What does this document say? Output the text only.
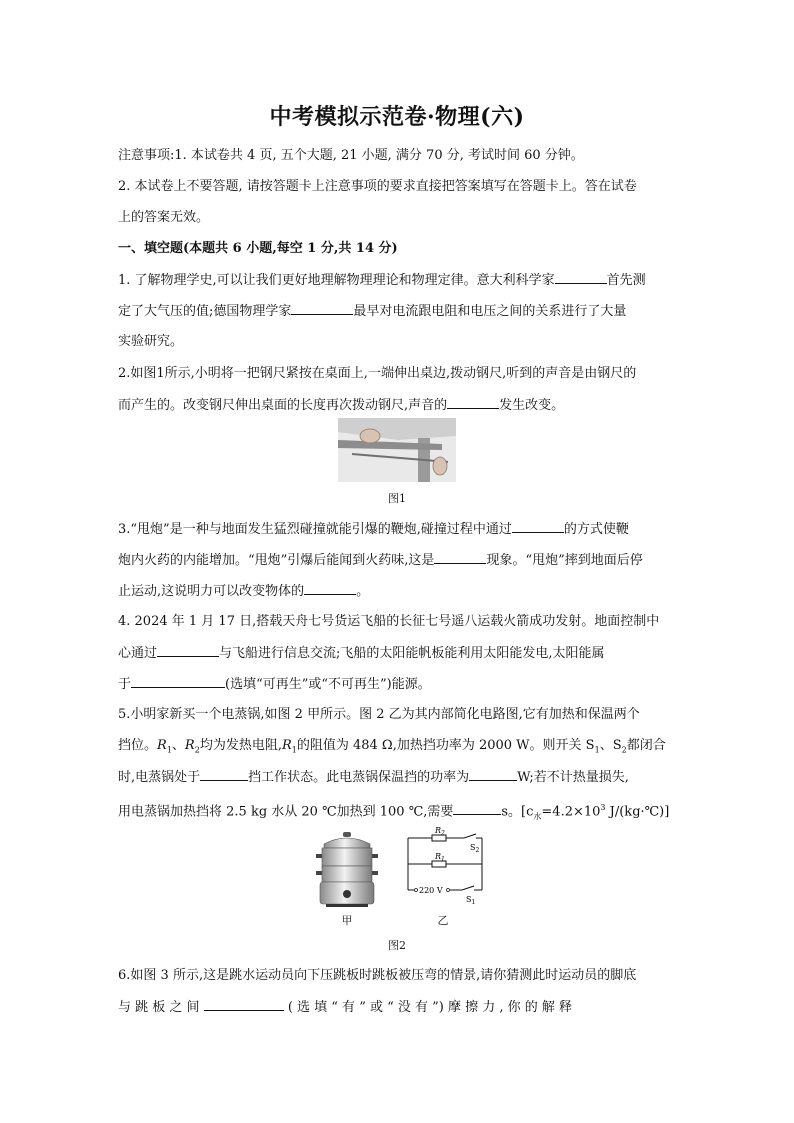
中考模拟示范卷·物理(六)
注意事项:1. 本试卷共 4 页, 五个大题, 21 小题, 满分 70 分, 考试时间 60 分钟。
2. 本试卷上不要答题, 请按答题卡上注意事项的要求直接把答案填写在答题卡上。答在试卷
上的答案无效。
一、填空题(本题共 6 小题,每空 1 分,共 14 分)
1. 了解物理学史,可以让我们更好地理解物理理论和物理定律。意大利科学家	首先测
定了大气压的值;德国物理学家	最早对电流跟电阻和电压之间的关系进行了大量
实验研究。
2.如图1所示,小明将一把钢尺紧按在桌面上,一端伸出桌边,拨动钢尺,听到的声音是由钢尺的
而产生的。改变钢尺伸出桌面的长度再次拨动钢尺,声音的	发生改变。
图1
3.“甩炮”是一种与地面发生猛烈碰撞就能引爆的鞭炮,碰撞过程中通过	的方式使鞭
炮内火药的内能增加。“甩炮”引爆后能闻到火药味,这是	现象。“甩炮”摔到地面后停
止运动,这说明力可以改变物体的	。
4. 2024 年 1 月 17 日,搭载天舟七号货运飞船的长征七号遥八运载火箭成功发射。地面控制中
心通过	与飞船进行信息交流;飞船的太阳能帆板能利用太阳能发电,太阳能属
于	(选填“可再生”或“不可再生”)能源。
5.小明家新买一个电蒸锅,如图 2 甲所示。图 2 乙为其内部简化电路图,它有加热和保温两个
挡位。$R_1$、$R_2$均为发热电阻$,R_1$的阻值为 484 Ω,加热挡功率为 2000 W。则开关 $S_1$、$S_2$都闭合
时,电蒸锅处于	挡工作状态。此电蒸锅保温挡的功率为	W;若不计热量损失,
用电蒸锅加热挡将 2.5 kg 水从 20 ℃加热到 100 ℃,需要	s。[$c_水=4.2\times 10^3$ J/(kg·℃)]
甲
$R_2$
$R_1$
$S_2$
$S_1$
220 V
乙
图2
6.如图 3 所示,这是跳水运动员向下压跳板时跳板被压弯的情景,请你猜测此时运动员的脚底
与 跳 板 之 间	( 选 填 “ 有 ” 或 “ 没 有 ”) 摩 擦 力 , 你 的 解 释
